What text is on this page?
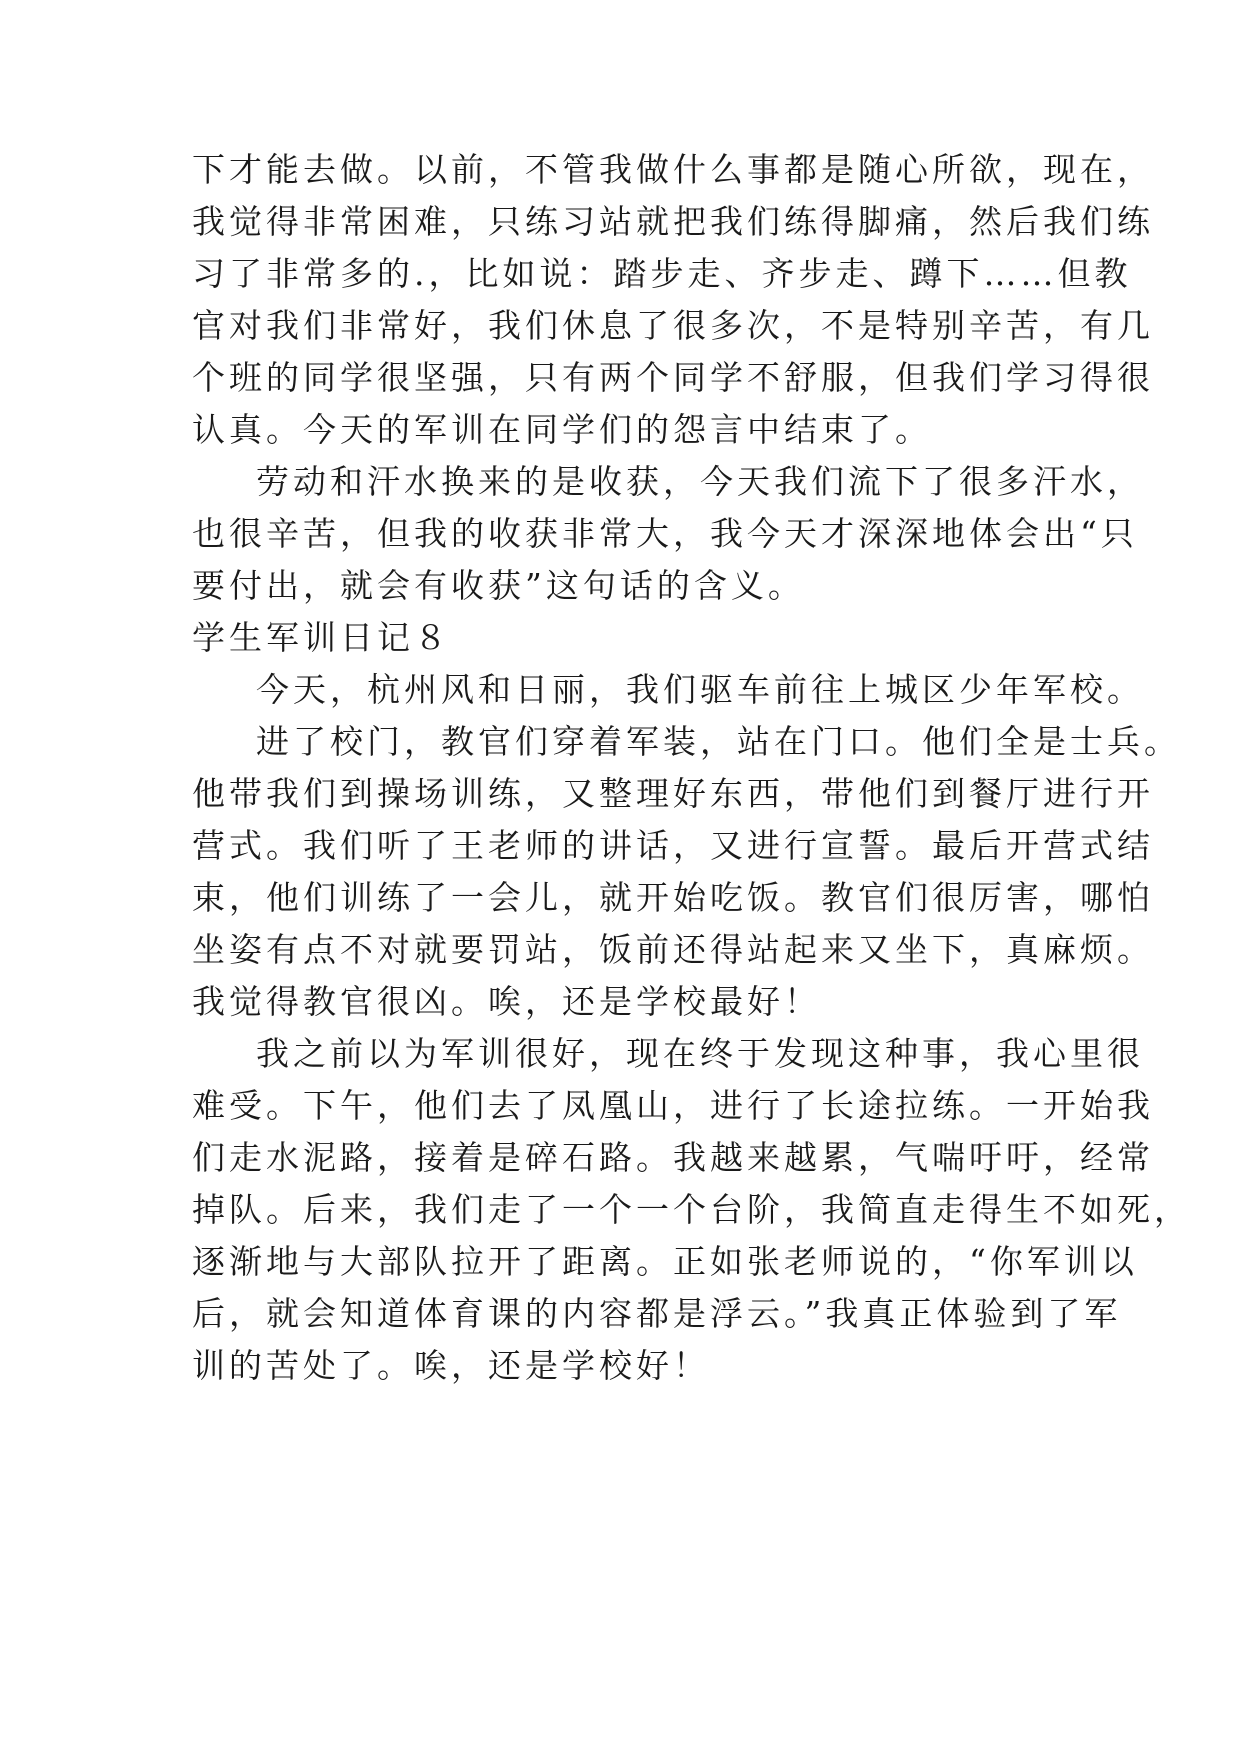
下才能去做。以前，不管我做什么事都是随心所欲，现在，
我觉得非常困难，只练习站就把我们练得脚痛，然后我们练
习了非常多的.，比如说：踏步走、齐步走、蹲下……但教
官对我们非常好，我们休息了很多次，不是特别辛苦，有几
个班的同学很坚强，只有两个同学不舒服，但我们学习得很
认真。今天的军训在同学们的怨言中结束了。
劳动和汗水换来的是收获，今天我们流下了很多汗水，
也很辛苦，但我的收获非常大，我今天才深深地体会出“只
要付出，就会有收获”这句话的含义。
学生军训日记８
今天，杭州风和日丽，我们驱车前往上城区少年军校。
进了校门，教官们穿着军装，站在门口。他们全是士兵。
他带我们到操场训练，又整理好东西，带他们到餐厅进行开
营式。我们听了王老师的讲话，又进行宣誓。最后开营式结
束，他们训练了一会儿，就开始吃饭。教官们很厉害，哪怕
坐姿有点不对就要罚站，饭前还得站起来又坐下，真麻烦。
我觉得教官很凶。唉，还是学校最好！
我之前以为军训很好，现在终于发现这种事，我心里很
难受。下午，他们去了凤凰山，进行了长途拉练。一开始我
们走水泥路，接着是碎石路。我越来越累，气喘吁吁，经常
掉队。后来，我们走了一个一个台阶，我简直走得生不如死，
逐渐地与大部队拉开了距离。正如张老师说的，“你军训以
后，就会知道体育课的内容都是浮云。”我真正体验到了军
训的苦处了。唉，还是学校好！
